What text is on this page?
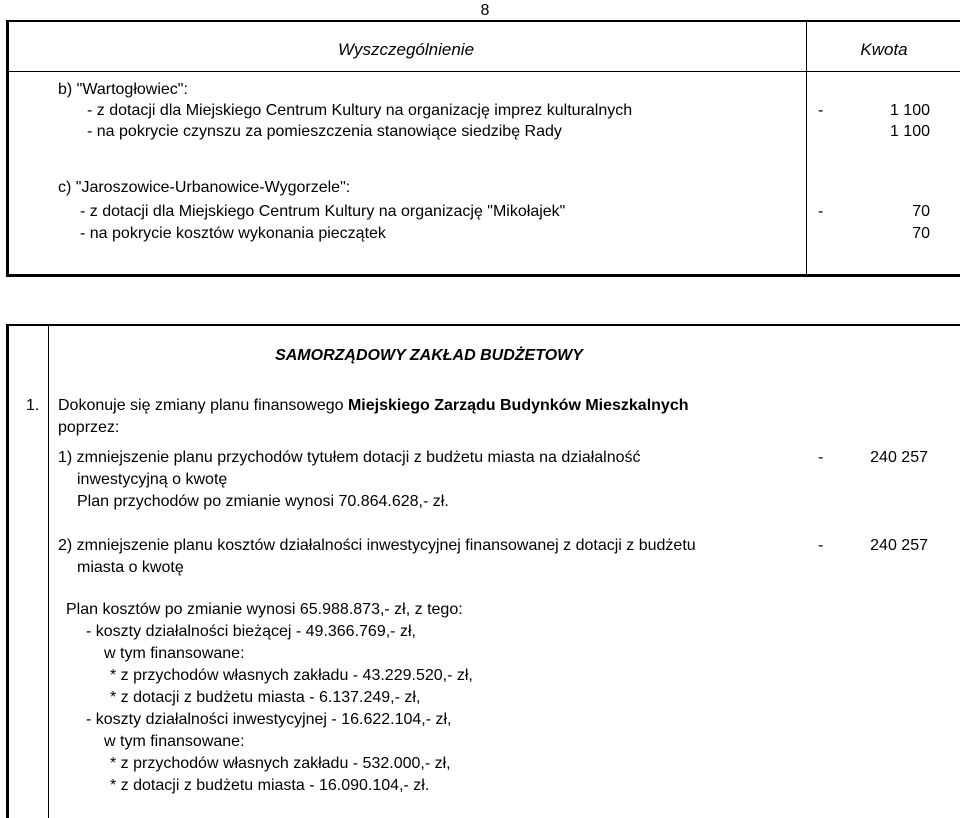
8
Wyszczególnienie	Kwota
b) "Wartogłowiec":
- z dotacji dla Miejskiego Centrum Kultury na organizację imprez kulturalnych	-	1 100
- na pokrycie czynszu za pomieszczenia stanowiące siedzibę Rady	1 100
c) "Jaroszowice-Urbanowice-Wygorzele":
- z dotacji dla Miejskiego Centrum Kultury na organizację "Mikołajek"	-	70
- na pokrycie kosztów wykonania pieczątek	70
SAMORZĄDOWY ZAKŁAD BUDŻETOWY
1. Dokonuje się zmiany planu finansowego Miejskiego Zarządu Budynków Mieszkalnych
poprzez:
1) zmniejszenie planu przychodów tytułem dotacji z budżetu miasta na działalność
inwestycyjną o kwotę
Plan przychodów po zmianie wynosi 70.864.628,- zł.
-	240 257
2) zmniejszenie planu kosztów działalności inwestycyjnej finansowanej z dotacji z budżetu
miasta o kwotę
-	240 257
Plan kosztów po zmianie wynosi 65.988.873,- zł, z tego:
- koszty działalności bieżącej - 49.366.769,- zł,
w tym finansowane:
* z przychodów własnych zakładu - 43.229.520,- zł,
* z dotacji z budżetu miasta - 6.137.249,- zł,
- koszty działalności inwestycyjnej - 16.622.104,- zł,
w tym finansowane:
* z przychodów własnych zakładu - 532.000,- zł,
* z dotacji z budżetu miasta - 16.090.104,- zł.
